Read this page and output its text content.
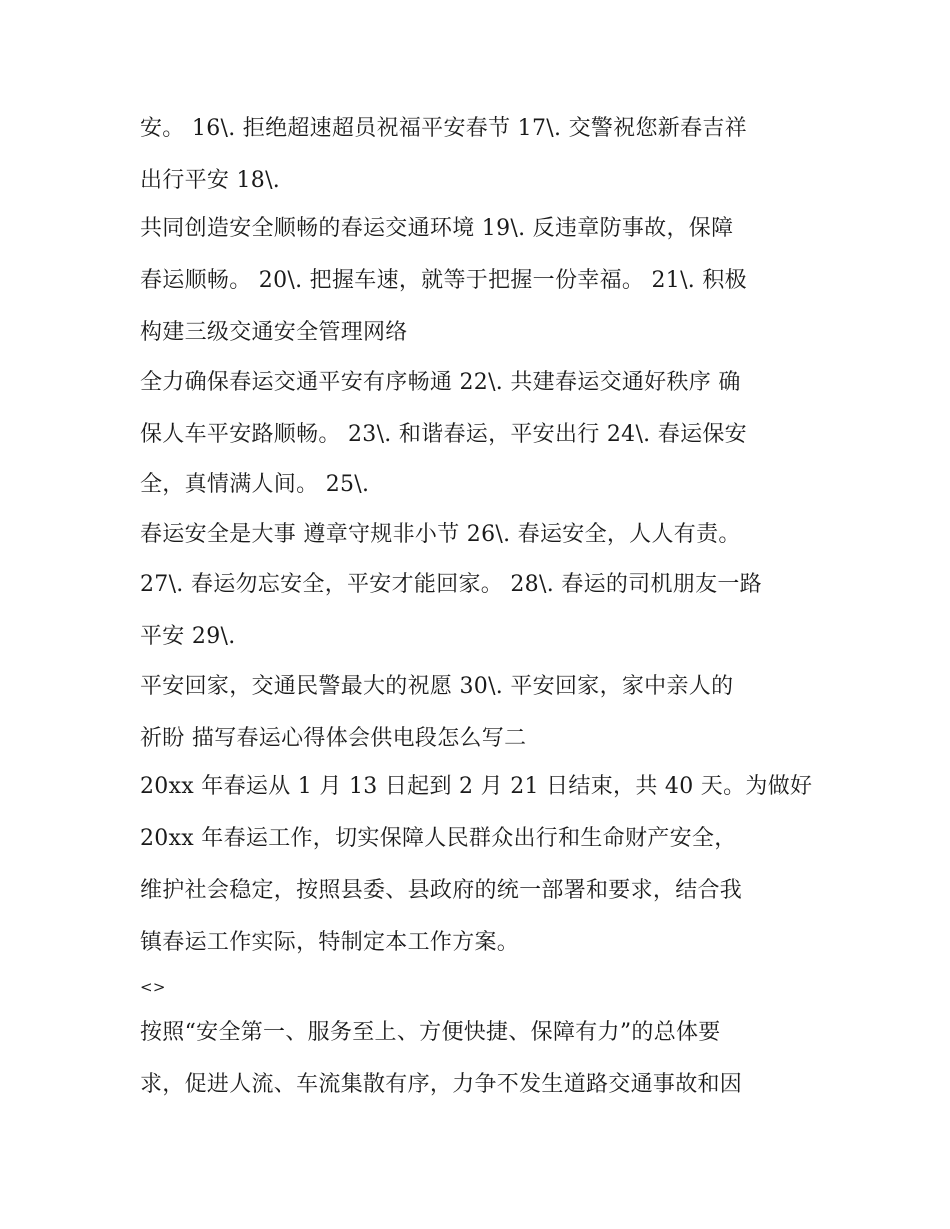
安。 16\. 拒绝超速超员祝福平安春节 17\. 交警祝您新春吉祥
出行平安 18\.
共同创造安全顺畅的春运交通环境 19\. 反违章防事故，保障
春运顺畅。 20\. 把握车速，就等于把握一份幸福。 21\. 积极
构建三级交通安全管理网络
全力确保春运交通平安有序畅通 22\. 共建春运交通好秩序 确
保人车平安路顺畅。 23\. 和谐春运，平安出行 24\. 春运保安
全，真情满人间。 25\.
春运安全是大事 遵章守规非小节 26\. 春运安全，人人有责。
27\. 春运勿忘安全，平安才能回家。 28\. 春运的司机朋友一路
平安 29\.
平安回家，交通民警最大的祝愿 30\. 平安回家，家中亲人的
祈盼 描写春运心得体会供电段怎么写二
20xx 年春运从 1 月 13 日起到 2 月 21 日结束，共 40 天。为做好
20xx 年春运工作，切实保障人民群众出行和生命财产安全，
维护社会稳定，按照县委、县政府的统一部署和要求，结合我
镇春运工作实际，特制定本工作方案。
<>
按照“安全第一、服务至上、方便快捷、保障有力”的总体要
求，促进人流、车流集散有序，力争不发生道路交通事故和因
